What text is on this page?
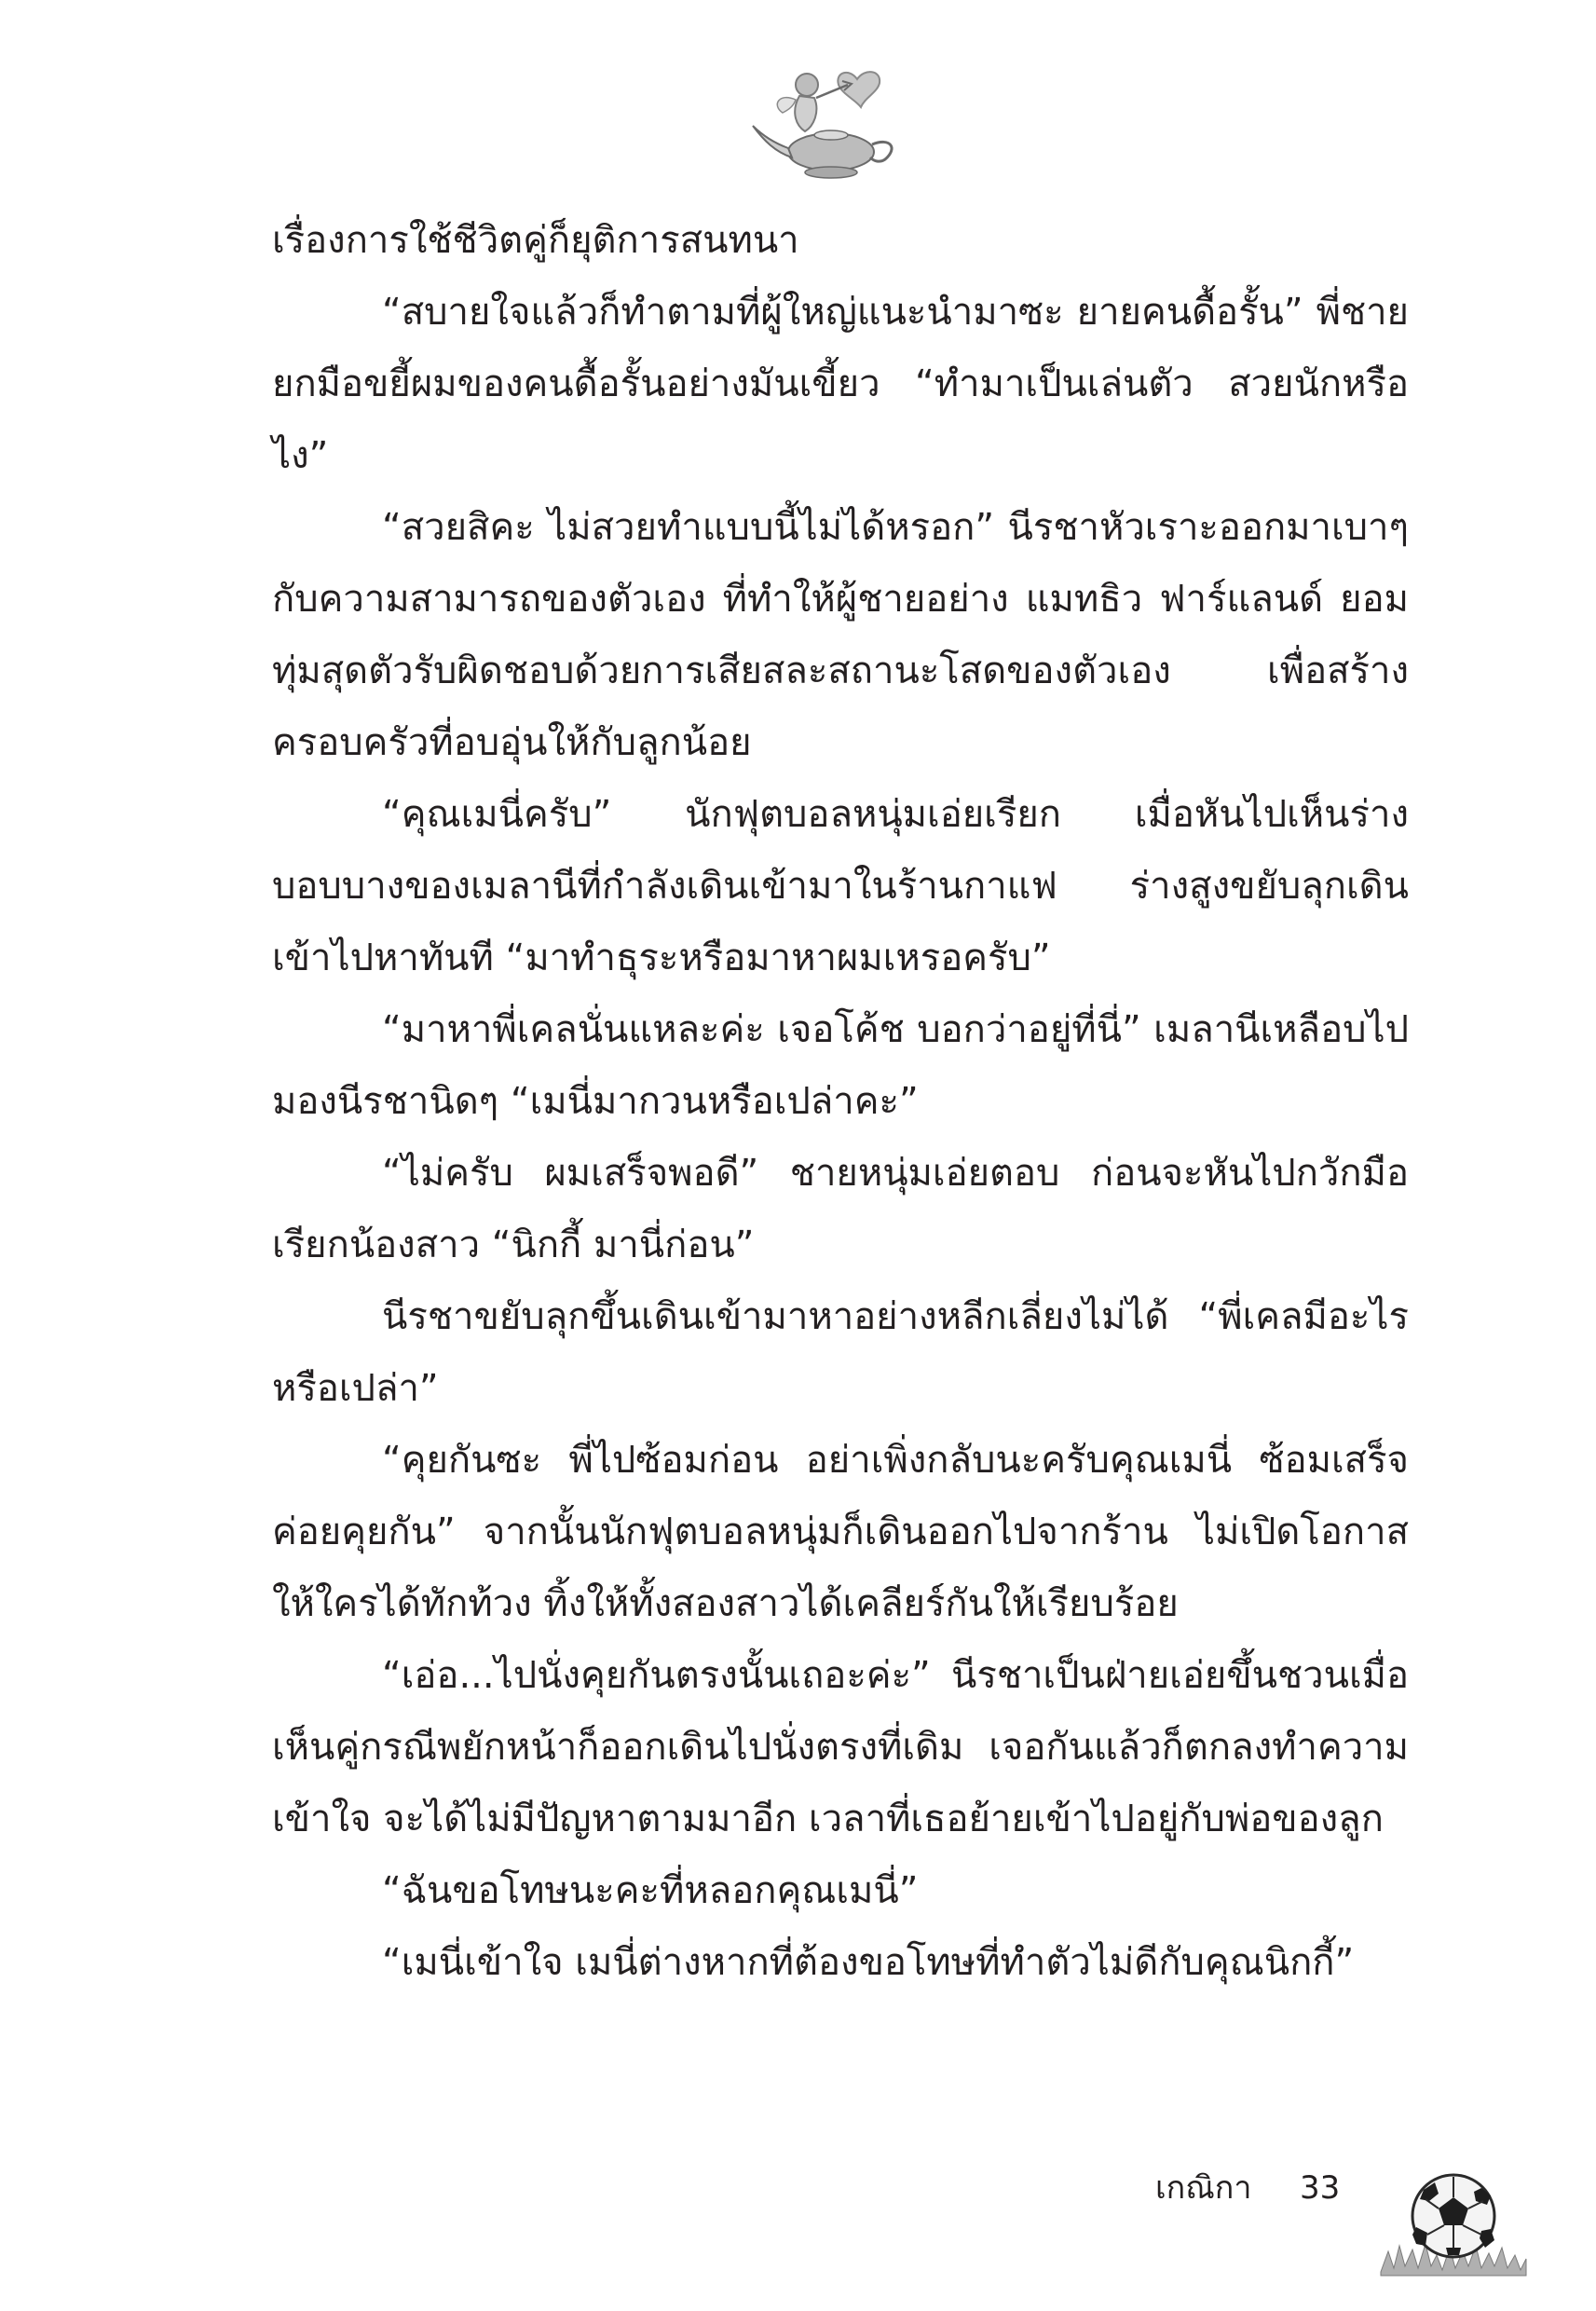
เรื่องการใช้ชีวิตคู่ก็ยุติการสนทนา

“สบายใจแล้วก็ทำตามที่ผู้ใหญ่แนะนำมาซะ ยายคนดื้อรั้น” พี่ชายยกมือขยี้ผมของคนดื้อรั้นอย่างมันเขี้ยว “ทำมาเป็นเล่นตัว สวยนักหรือไง”

“สวยสิคะ ไม่สวยทำแบบนี้ไม่ได้หรอก” นีรชาหัวเราะออกมาเบาๆ กับความสามารถของตัวเอง ที่ทำให้ผู้ชายอย่าง แมทธิว ฟาร์แลนด์ ยอมทุ่มสุดตัวรับผิดชอบด้วยการเสียสละสถานะโสดของตัวเอง เพื่อสร้างครอบครัวที่อบอุ่นให้กับลูกน้อย

“คุณเมนี่ครับ” นักฟุตบอลหนุ่มเอ่ยเรียก เมื่อหันไปเห็นร่างบอบบางของเมลานีที่กำลังเดินเข้ามาในร้านกาแฟ ร่างสูงขยับลุกเดินเข้าไปหาทันที “มาทำธุระหรือมาหาผมเหรอครับ”

“มาหาพี่เคลนั่นแหละค่ะ เจอโค้ช บอกว่าอยู่ที่นี่” เมลานีเหลือบไปมองนีรชานิดๆ “เมนี่มากวนหรือเปล่าคะ”

“ไม่ครับ ผมเสร็จพอดี” ชายหนุ่มเอ่ยตอบ ก่อนจะหันไปกวักมือเรียกน้องสาว “นิกกี้ มานี่ก่อน”

นีรชาขยับลุกขึ้นเดินเข้ามาหาอย่างหลีกเลี่ยงไม่ได้ “พี่เคลมีอะไรหรือเปล่า”

“คุยกันซะ พี่ไปซ้อมก่อน อย่าเพิ่งกลับนะครับคุณเมนี่ ซ้อมเสร็จค่อยคุยกัน” จากนั้นนักฟุตบอลหนุ่มก็เดินออกไปจากร้าน ไม่เปิดโอกาสให้ใครได้ทักท้วง ทิ้งให้ทั้งสองสาวได้เคลียร์กันให้เรียบร้อย

“เอ่อ...ไปนั่งคุยกันตรงนั้นเถอะค่ะ” นีรชาเป็นฝ่ายเอ่ยขึ้นชวนเมื่อเห็นคู่กรณีพยักหน้าก็ออกเดินไปนั่งตรงที่เดิม เจอกันแล้วก็ตกลงทำความเข้าใจ จะได้ไม่มีปัญหาตามมาอีก เวลาที่เธอย้ายเข้าไปอยู่กับพ่อของลูก

“ฉันขอโทษนะคะที่หลอกคุณเมนี่”

“เมนี่เข้าใจ เมนี่ต่างหากที่ต้องขอโทษที่ทำตัวไม่ดีกับคุณนิกกี้”

เกณิกา 33
